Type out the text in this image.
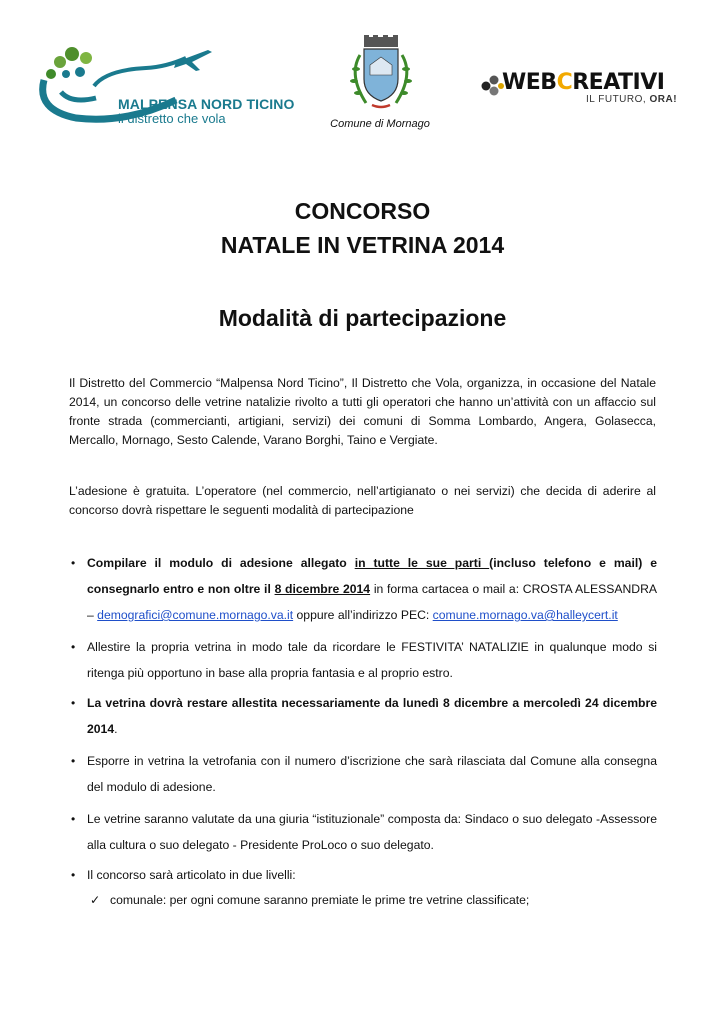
MALPENSA NORD TICINO
il distretto che vola	Comune di Mornago
WEBCREATIVI
IL FUTURO, ORA!
CONCORSO
NATALE IN VETRINA 2014
Modalità di partecipazione
Il Distretto del Commercio “Malpensa Nord Ticino”, Il Distretto che Vola, organizza, in occasione del Natale 2014, un concorso delle vetrine natalizie rivolto a tutti gli operatori che hanno un’attività con un affaccio sul fronte strada (commercianti, artigiani, servizi) dei comuni di Somma Lombardo, Angera, Golasecca, Mercallo, Mornago, Sesto Calende, Varano Borghi, Taino e Vergiate.
L’adesione è gratuita. L’operatore (nel commercio, nell’artigianato o nei servizi) che decida di aderire al concorso dovrà rispettare le seguenti modalità di partecipazione
• Compilare il modulo di adesione allegato in tutte le sue parti (incluso telefono e mail) e consegnarlo entro e non oltre il 8 dicembre 2014 in forma cartacea o mail a: CROSTA ALESSANDRA – demografici@comune.mornago.va.it oppure all’indirizzo PEC: comune.mornago.va@halleycert.it
• Allestire la propria vetrina in modo tale da ricordare le FESTIVITA’ NATALIZIE in qualunque modo si ritenga più opportuno in base alla propria fantasia e al proprio estro.
• La vetrina dovrà restare allestita necessariamente da lunedì 8 dicembre a mercoledì 24 dicembre 2014.
• Esporre in vetrina la vetrofania con il numero d’iscrizione che sarà rilasciata dal Comune alla consegna del modulo di adesione.
• Le vetrine saranno valutate da una giuria “istituzionale” composta da: Sindaco o suo delegato -Assessore alla cultura o suo delegato - Presidente ProLoco o suo delegato.
• Il concorso sarà articolato in due livelli:
✓ comunale: per ogni comune saranno premiate le prime tre vetrine classificate;
